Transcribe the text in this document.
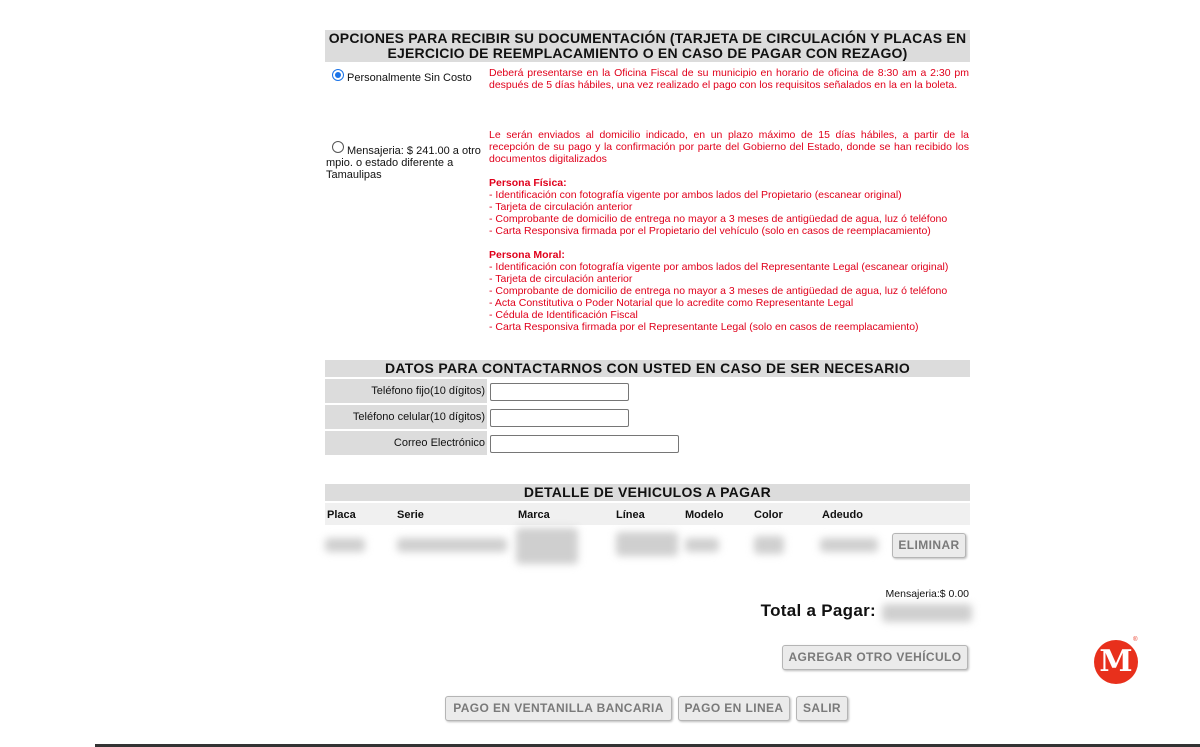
OPCIONES PARA RECIBIR SU DOCUMENTACIÓN (TARJETA DE CIRCULACIÓN Y PLACAS EN
EJERCICIO DE REEMPLACAMIENTO O EN CASO DE PAGAR CON REZAGO)
Personalmente Sin Costo	Deberá presentarse en la Oficina Fiscal de su municipio en horario de oficina de 8:30 am a 2:30 pm después de 5 días hábiles, una vez realizado el pago con los requisitos señalados en la en la boleta.
Mensajeria: $ 241.00 a otro mpio. o estado diferente a Tamaulipas
Le serán enviados al domicilio indicado, en un plazo máximo de 15 días hábiles, a partir de la recepción de su pago y la confirmación por parte del Gobierno del Estado, donde se han recibido los documentos digitalizados
Persona Física:
- Identificación con fotografía vigente por ambos lados del Propietario (escanear original)
- Tarjeta de circulación anterior
- Comprobante de domicilio de entrega no mayor a 3 meses de antigüedad de agua, luz ó teléfono
- Carta Responsiva firmada por el Propietario del vehículo (solo en casos de reemplacamiento)
Persona Moral:
- Identificación con fotografía vigente por ambos lados del Representante Legal (escanear original)
- Tarjeta de circulación anterior
- Comprobante de domicilio de entrega no mayor a 3 meses de antigüedad de agua, luz ó teléfono
- Acta Constitutiva o Poder Notarial que lo acredite como Representante Legal
- Cédula de Identificación Fiscal
- Carta Responsiva firmada por el Representante Legal (solo en casos de reemplacamiento)
DATOS PARA CONTACTARNOS CON USTED EN CASO DE SER NECESARIO
Teléfono fijo(10 dígitos)
Teléfono celular(10 dígitos)
Correo Electrónico
DETALLE DE VEHICULOS A PAGAR
Placa	Serie	Marca	Línea	Modelo	Color	Adeudo
ELIMINAR
Mensajeria:$ 0.00
Total a Pagar:
AGREGAR OTRO VEHÍCULO
PAGO EN VENTANILLA BANCARIA	PAGO EN LINEA	SALIR
M
®
